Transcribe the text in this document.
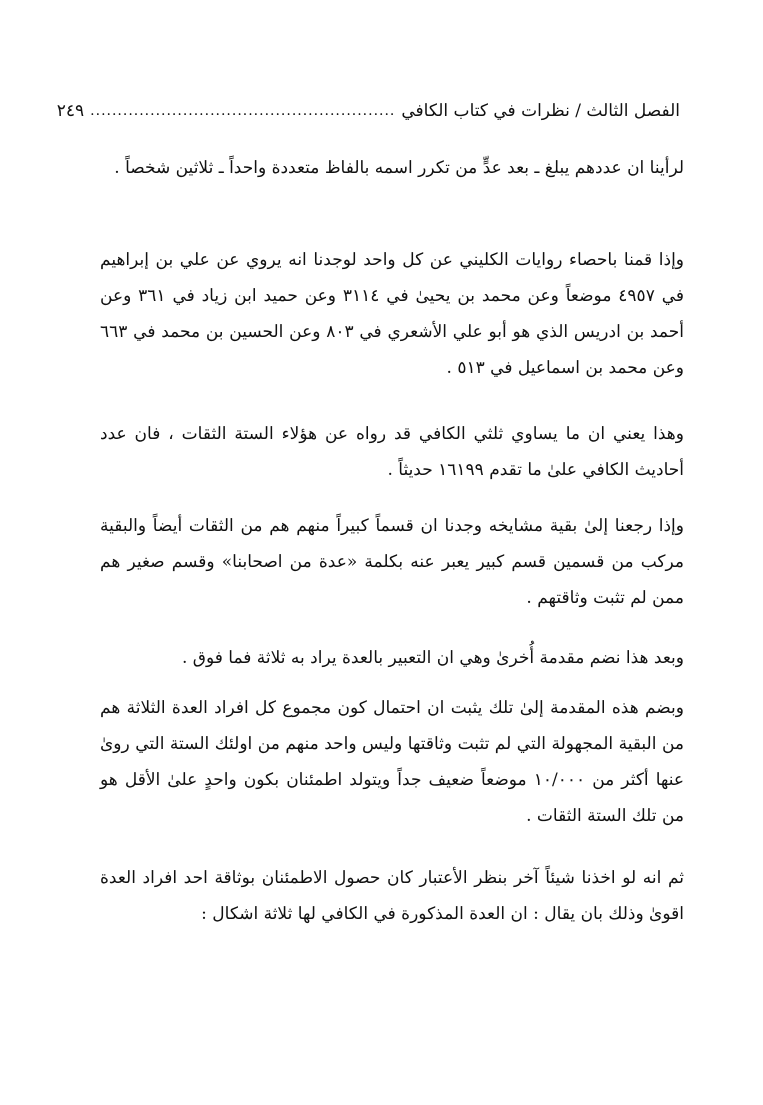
الفصل الثالث / نظرات في كتاب الكافي
........................................................
٢٤٩

لرأينا ان عددهم يبلغ ـ بعد عدٍّ من تكرر اسمه بالفاظ متعددة واحداً ـ ثلاثين شخصاً .

وإذا قمنا باحصاء روايات الكليني عن كل واحد لوجدنا انه يروي عن علي بن إبراهيم في ٤٩٥٧ موضعاً وعن محمد بن يحيىٰ في ٣١١٤ وعن حميد ابن زياد في ٣٦١ وعن أحمد بن ادريس الذي هو أبو علي الأشعري في ٨٠٣ وعن الحسين بن محمد في ٦٦٣ وعن محمد بن اسماعيل في ٥١٣ .

وهذا يعني ان ما يساوي ثلثي الكافي قد رواه عن هؤلاء الستة الثقات ، فان عدد أحاديث الكافي علىٰ ما تقدم ١٦١٩٩ حديثاً .

وإذا رجعنا إلىٰ بقية مشايخه وجدنا ان قسماً كبيراً منهم هم من الثقات أيضاً والبقية مركب من قسمين قسم كبير يعبر عنه بكلمة «عدة من اصحابنا» وقسم صغير هم ممن لم تثبت وثاقتهم .

وبعد هذا نضم مقدمة أُخرىٰ وهي ان التعبير بالعدة يراد به ثلاثة فما فوق .

وبضم هذه المقدمة إلىٰ تلك يثبت ان احتمال كون مجموع كل افراد العدة الثلاثة هم من البقية المجهولة التي لم تثبت وثاقتها وليس واحد منهم من اولئك الستة التي روىٰ عنها أكثر من ١٠/٠٠٠ موضعاً ضعيف جداً ويتولد اطمئنان بكون واحدٍ علىٰ الأقل هو من تلك الستة الثقات .

ثم انه لو اخذنا شيئاً آخر بنظر الأعتبار كان حصول الاطمئنان بوثاقة احد افراد العدة اقوىٰ وذلك بان يقال : ان العدة المذكورة في الكافي لها ثلاثة اشكال :
